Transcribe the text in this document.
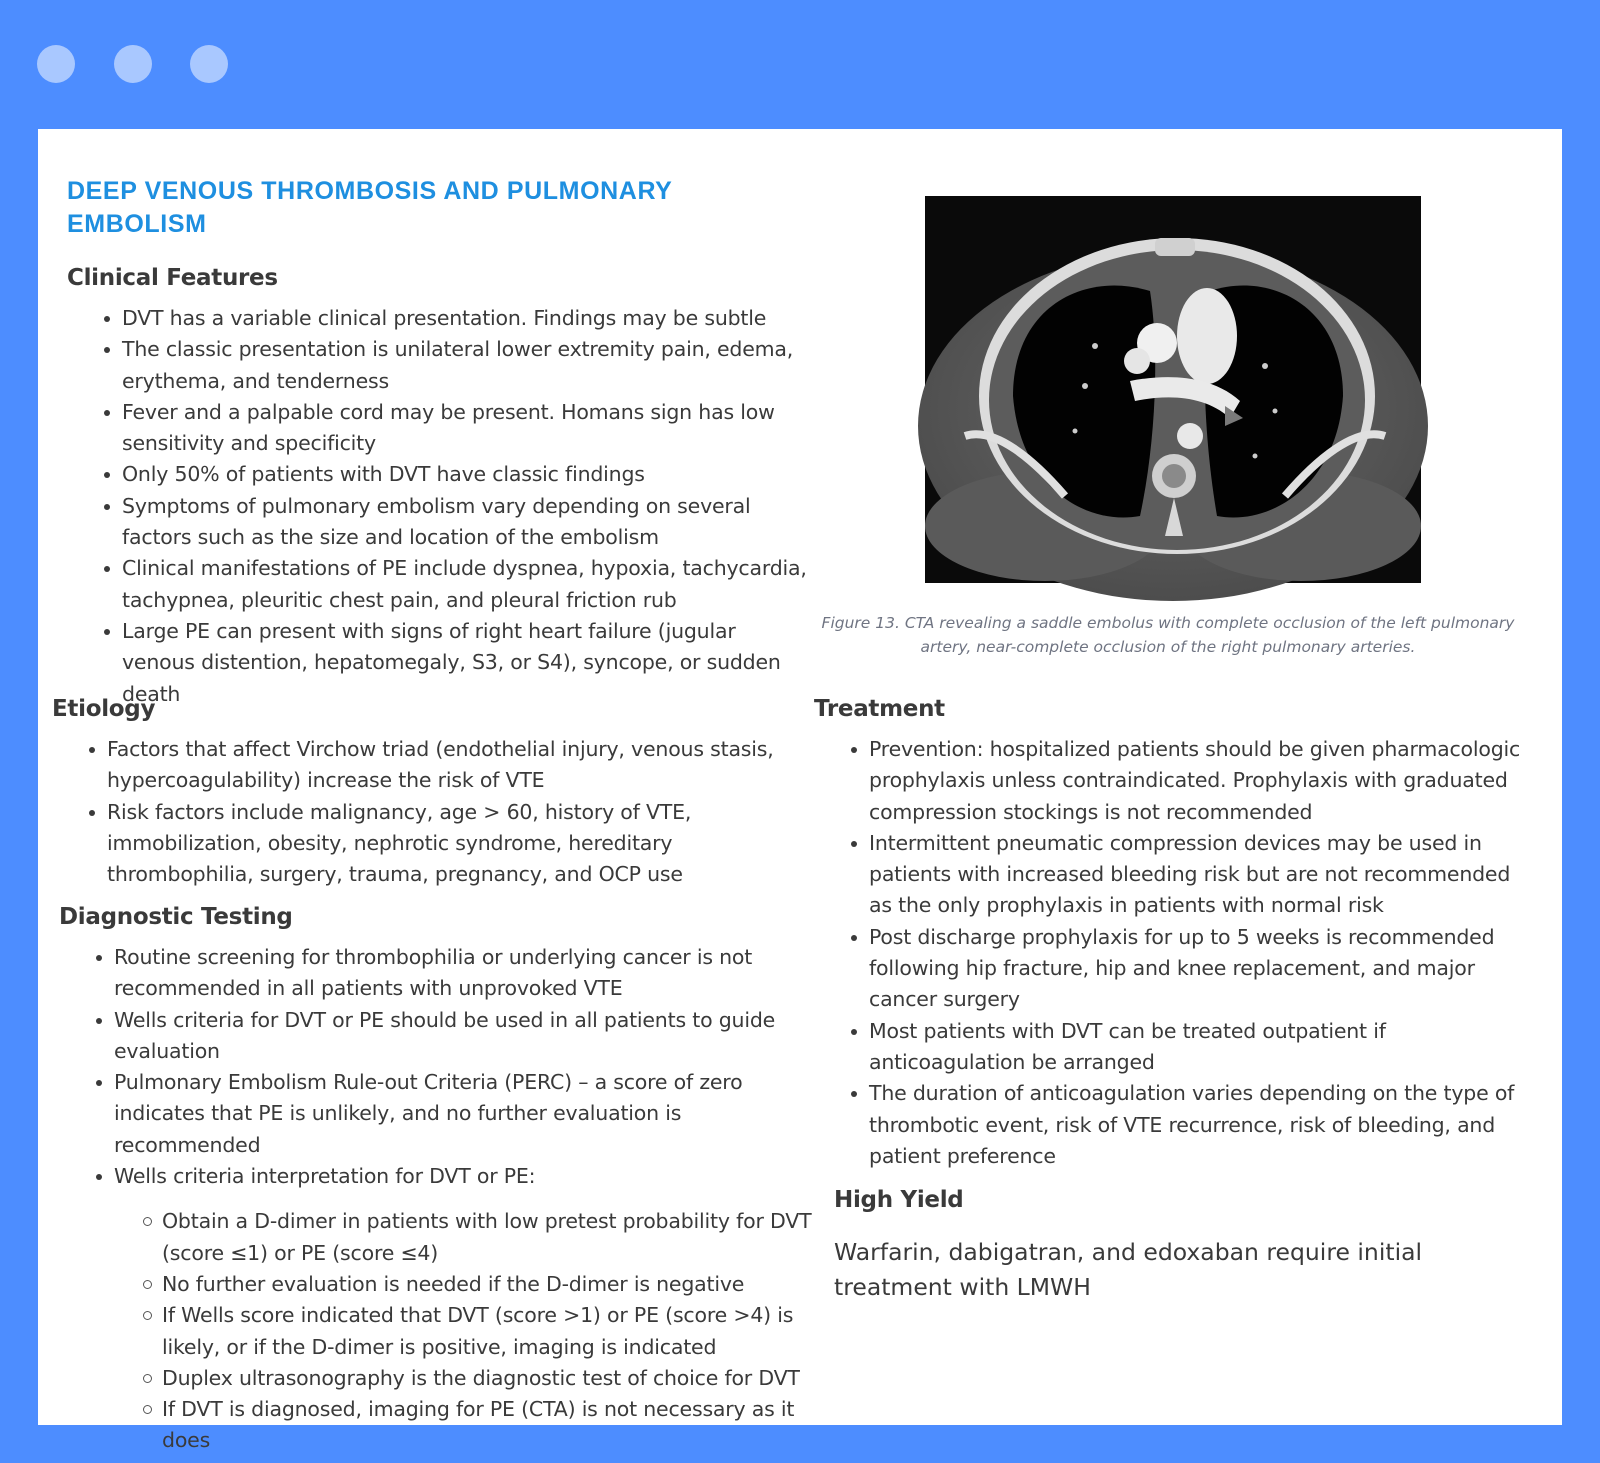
DEEP VENOUS THROMBOSIS AND PULMONARY EMBOLISM
Clinical Features
DVT has a variable clinical presentation. Findings may be subtle
The classic presentation is unilateral lower extremity pain, edema, erythema, and tenderness
Fever and a palpable cord may be present. Homans sign has low sensitivity and specificity
Only 50% of patients with DVT have classic findings
Symptoms of pulmonary embolism vary depending on several factors such as the size and location of the embolism
Clinical manifestations of PE include dyspnea, hypoxia, tachycardia, tachypnea, pleuritic chest pain, and pleural friction rub
Large PE can present with signs of right heart failure (jugular venous distention, hepatomegaly, S3, or S4), syncope, or sudden death
Figure 13. CTA revealing a saddle embolus with complete occlusion of the left pulmonary artery, near-complete occlusion of the right pulmonary arteries.
Etiology
Factors that affect Virchow triad (endothelial injury, venous stasis, hypercoagulability) increase the risk of VTE
Risk factors include malignancy, age > 60, history of VTE, immobilization, obesity, nephrotic syndrome, hereditary thrombophilia, surgery, trauma, pregnancy, and OCP use
Diagnostic Testing
Routine screening for thrombophilia or underlying cancer is not recommended in all patients with unprovoked VTE
Wells criteria for DVT or PE should be used in all patients to guide evaluation
Pulmonary Embolism Rule-out Criteria (PERC) – a score of zero indicates that PE is unlikely, and no further evaluation is recommended
Wells criteria interpretation for DVT or PE:
Obtain a D-dimer in patients with low pretest probability for DVT (score ≤1) or PE (score ≤4)
No further evaluation is needed if the D-dimer is negative
If Wells score indicated that DVT (score >1) or PE (score >4) is likely, or if the D-dimer is positive, imaging is indicated
Duplex ultrasonography is the diagnostic test of choice for DVT
If DVT is diagnosed, imaging for PE (CTA) is not necessary as it does
Treatment
Prevention: hospitalized patients should be given pharmacologic prophylaxis unless contraindicated. Prophylaxis with graduated compression stockings is not recommended
Intermittent pneumatic compression devices may be used in patients with increased bleeding risk but are not recommended as the only prophylaxis in patients with normal risk
Post discharge prophylaxis for up to 5 weeks is recommended following hip fracture, hip and knee replacement, and major cancer surgery
Most patients with DVT can be treated outpatient if anticoagulation be arranged
The duration of anticoagulation varies depending on the type of thrombotic event, risk of VTE recurrence, risk of bleeding, and patient preference
High Yield
Warfarin, dabigatran, and edoxaban require initial treatment with LMWH
